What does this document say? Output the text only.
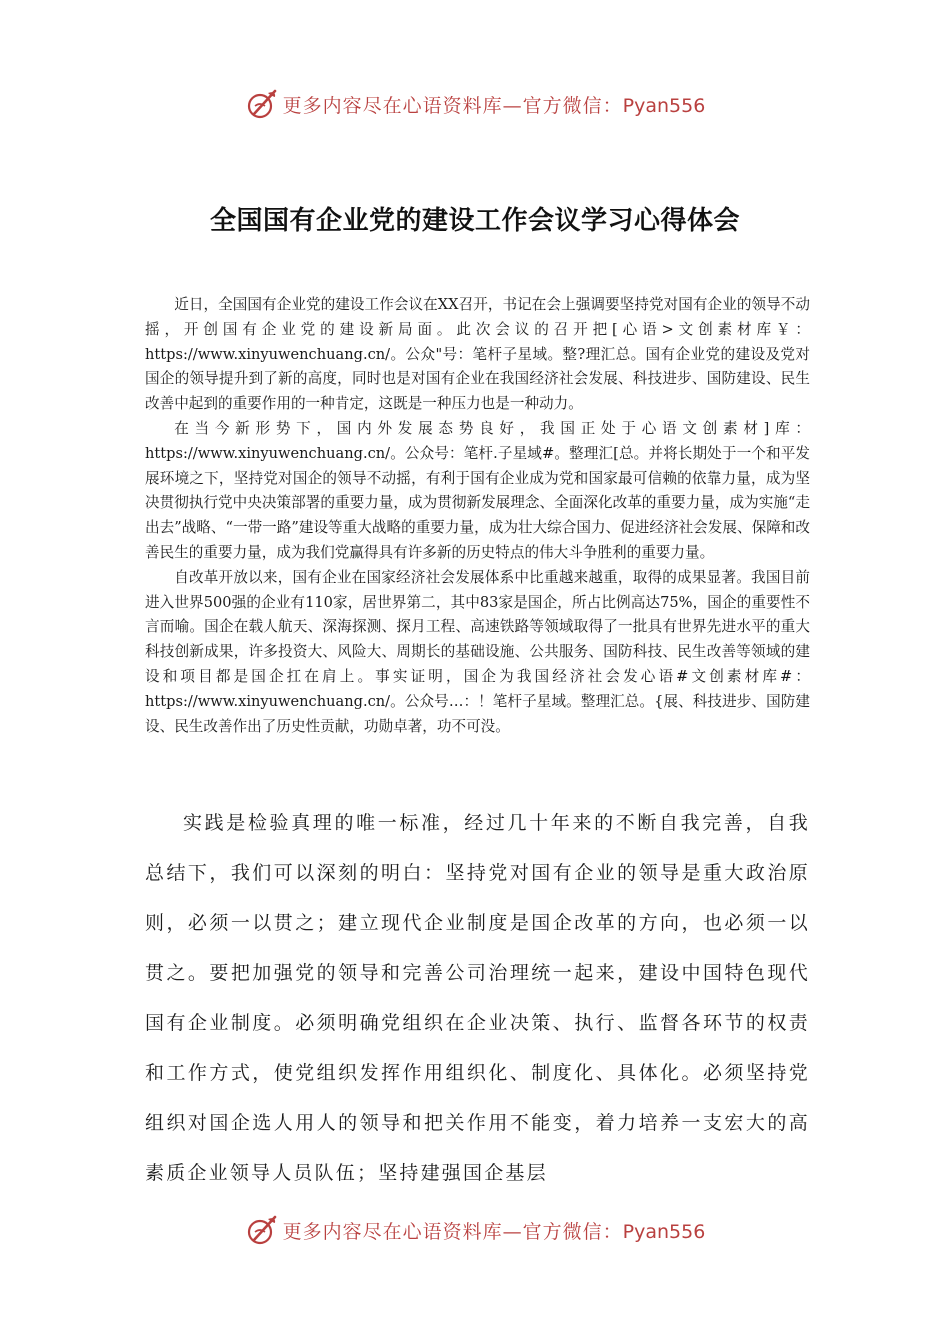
更多内容尽在心语资料库—官方微信：Pyan556
全国国有企业党的建设工作会议学习心得体会

近日，全国国有企业党的建设工作会议在XX召开，书记在会上强调要坚持党对国有企业的领导不动摇，开创国有企业党的建设新局面。此次会议的召开把[心语>文创素材库￥：https://www.xinyuwenchuang.cn/。公众"号：笔杆子星域。整?理汇总。国有企业党的建设及党对国企的领导提升到了新的高度，同时也是对国有企业在我国经济社会发展、科技进步、国防建设、民生改善中起到的重要作用的一种肯定，这既是一种压力也是一种动力。

在当今新形势下，国内外发展态势良好，我国正处于心语文创素材]库：https://www.xinyuwenchuang.cn/。公众号：笔杆.子星域#。整理汇[总。并将长期处于一个和平发展环境之下，坚持党对国企的领导不动摇，有利于国有企业成为党和国家最可信赖的依靠力量，成为坚决贯彻执行党中央决策部署的重要力量，成为贯彻新发展理念、全面深化改革的重要力量，成为实施“走出去”战略、“一带一路”建设等重大战略的重要力量，成为壮大综合国力、促进经济社会发展、保障和改善民生的重要力量，成为我们党赢得具有许多新的历史特点的伟大斗争胜利的重要力量。

自改革开放以来，国有企业在国家经济社会发展体系中比重越来越重，取得的成果显著。我国目前进入世界500强的企业有110家，居世界第二，其中83家是国企，所占比例高达75%，国企的重要性不言而喻。国企在载人航天、深海探测、探月工程、高速铁路等领域取得了一批具有世界先进水平的重大科技创新成果，许多投资大、风险大、周期长的基础设施、公共服务、国防科技、民生改善等领域的建设和项目都是国企扛在肩上。事实证明，国企为我国经济社会发心语#文创素材库#：https://www.xinyuwenchuang.cn/。公众号…：！笔杆子星域。整理汇总。{展、科技进步、国防建设、民生改善作出了历史性贡献，功勋卓著，功不可没。

实践是检验真理的唯一标准，经过几十年来的不断自我完善，自我总结下，我们可以深刻的明白：坚持党对国有企业的领导是重大政治原则，必须一以贯之；建立现代企业制度是国企改革的方向，也必须一以贯之。要把加强党的领导和完善公司治理统一起来，建设中国特色现代国有企业制度。必须明确党组织在企业决策、执行、监督各环节的权责和工作方式，使党组织发挥作用组织化、制度化、具体化。必须坚持党组织对国企选人用人的领导和把关作用不能变，着力培养一支宏大的高素质企业领导人员队伍；坚持建强国企基层

更多内容尽在心语资料库—官方微信：Pyan556
